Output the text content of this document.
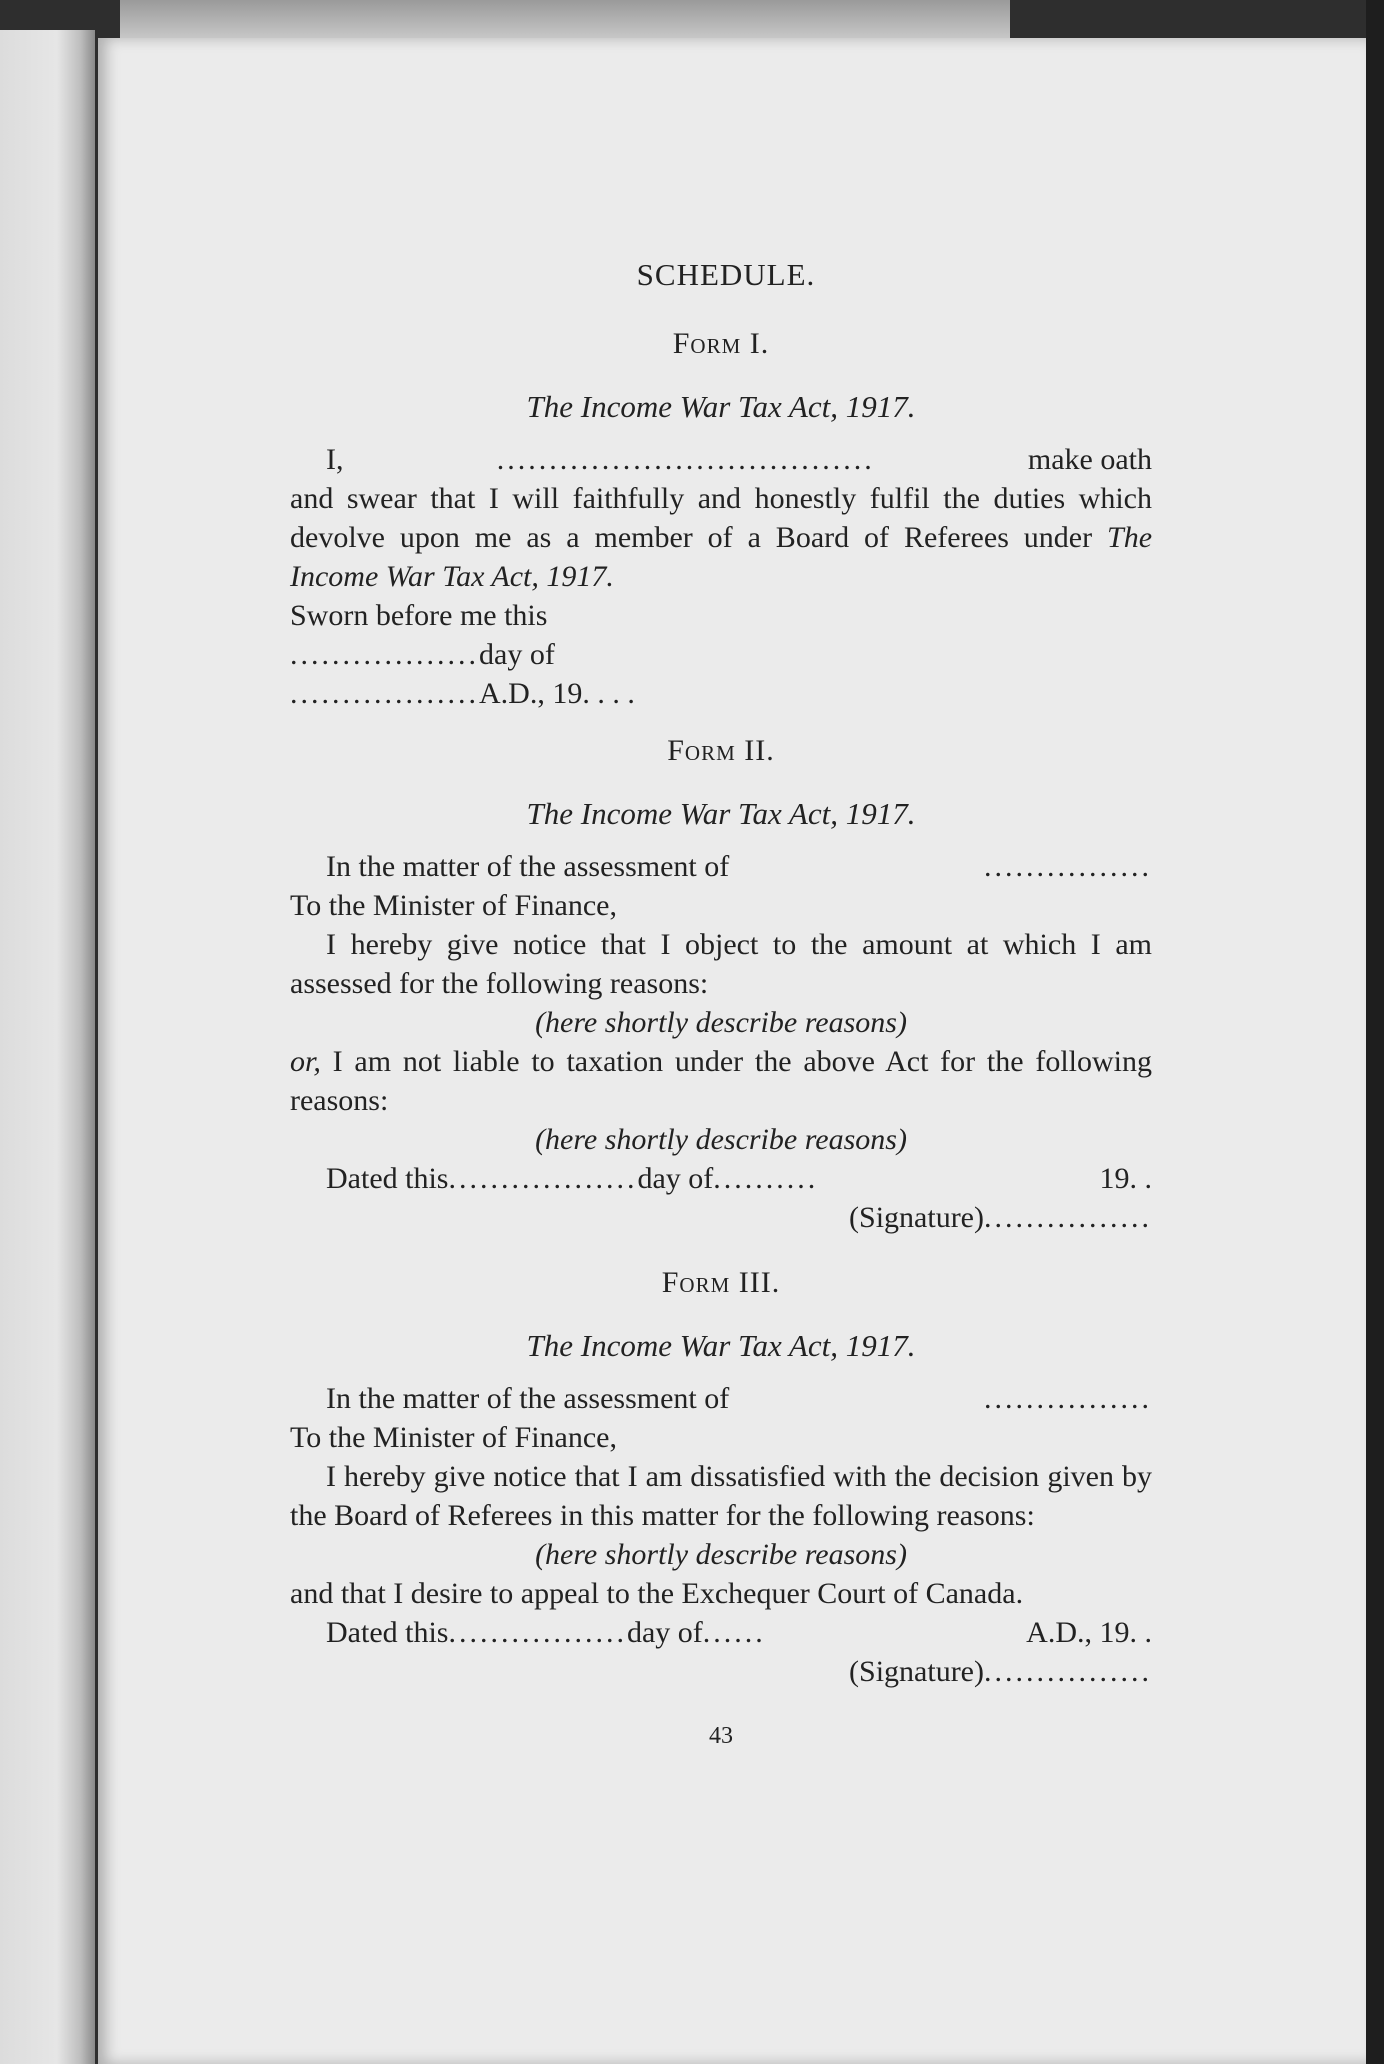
SCHEDULE.
Form I.
The Income War Tax Act, 1917.

I,	....................................	make oath

and swear that I will faithfully and honestly fulfil the duties which devolve upon me as a member of a Board of Referees under The Income War Tax Act, 1917.

Sworn before me this

..................day of

..................A.D., 19. . . .

Form II.
The Income War Tax Act, 1917.

In the matter of the assessment of	................

To the Minister of Finance,

I hereby give notice that I object to the amount at which I am assessed for the following reasons:

(here shortly describe reasons)

or, I am not liable to taxation under the above Act for the following reasons:

(here shortly describe reasons)

Dated this..................day of..........	19. .

(Signature)................

Form III.
The Income War Tax Act, 1917.

In the matter of the assessment of	................

To the Minister of Finance,

I hereby give notice that I am dissatisfied with the decision given by the Board of Referees in this matter for the following reasons:

(here shortly describe reasons)

and that I desire to appeal to the Exchequer Court of Canada.

Dated this.................day of......	A.D., 19. .

(Signature)................

43
